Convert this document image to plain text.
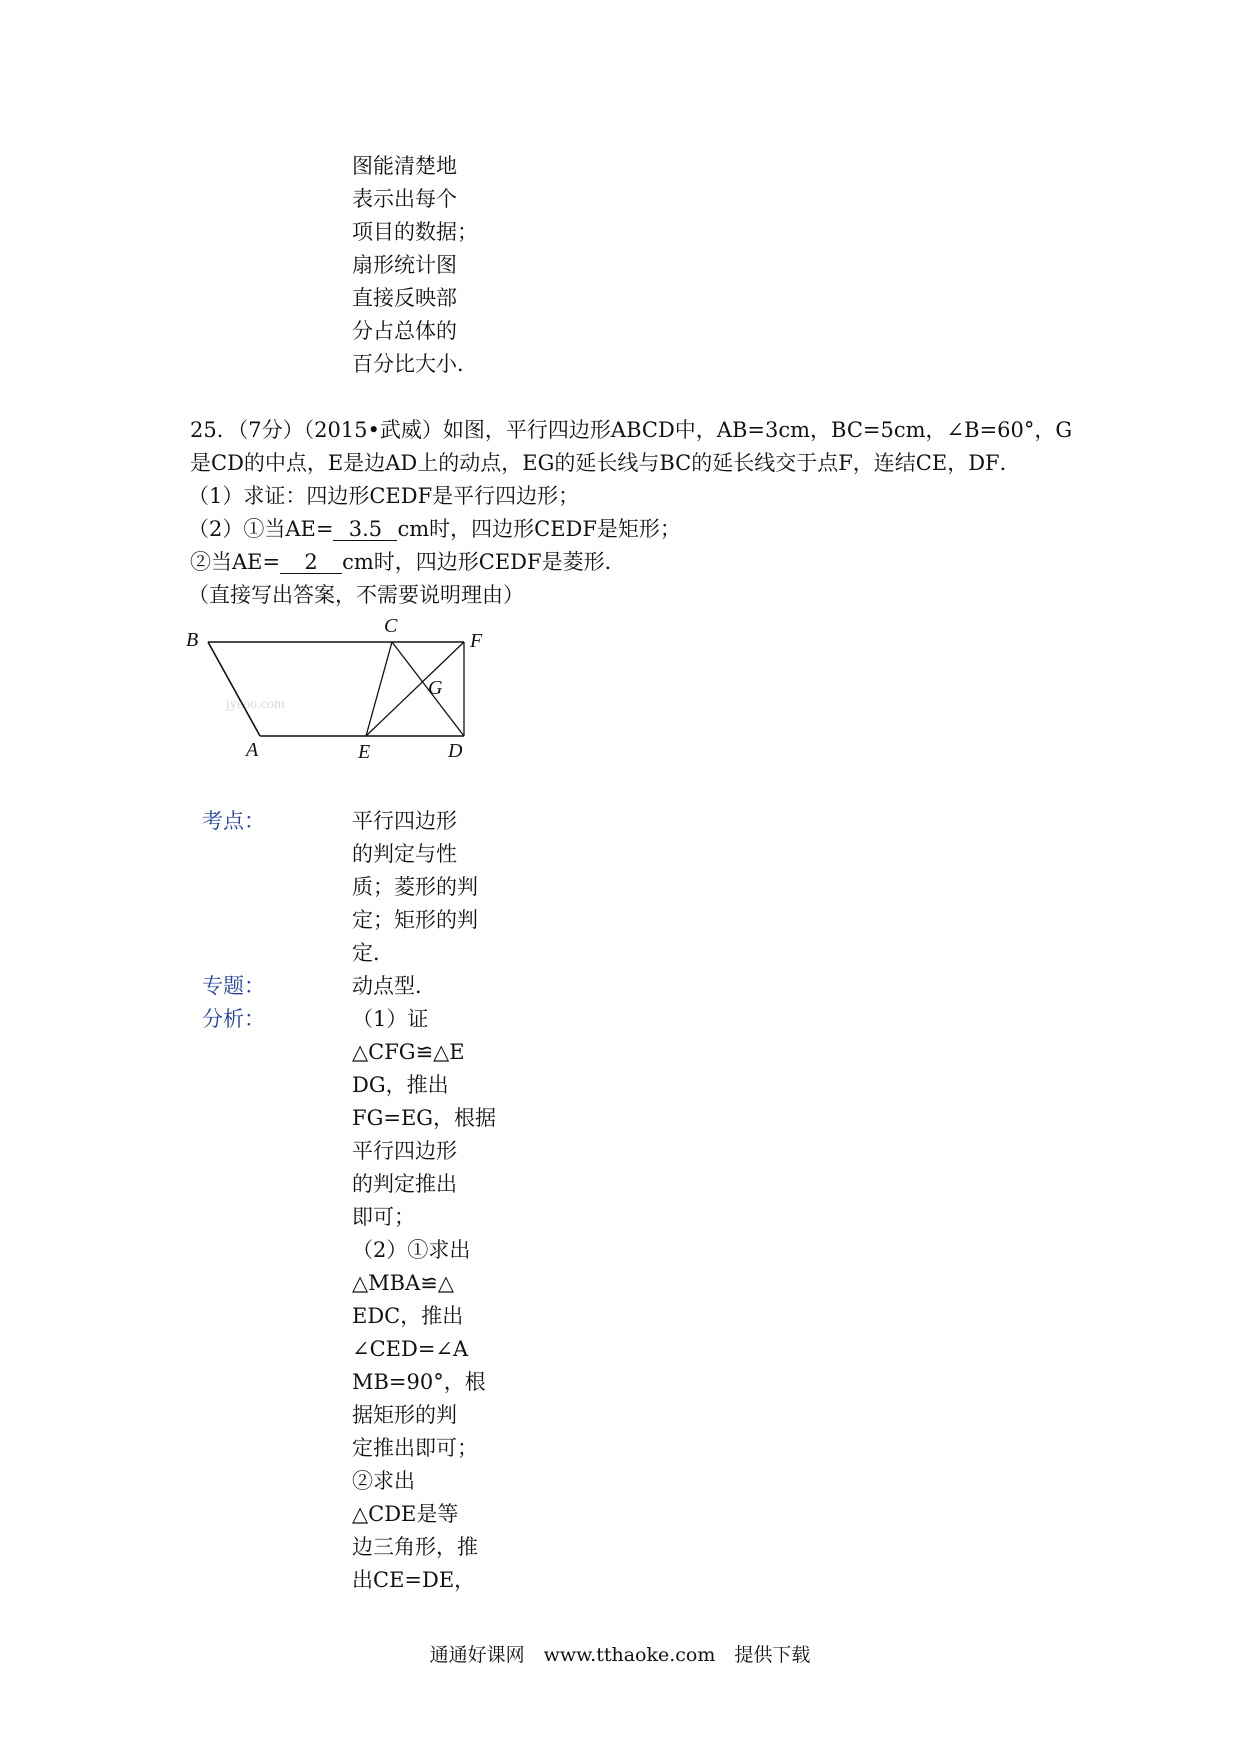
图能清楚地
表示出每个
项目的数据；
扇形统计图
直接反映部
分占总体的
百分比大小．
25．（7分）（2015•武威）如图，平行四边形ABCD中，AB=3cm，BC=5cm，∠B=60°，G
是CD的中点，E是边AD上的动点，EG的延长线与BC的延长线交于点F，连结CE，DF．
（1）求证：四边形CEDF是平行四边形；
（2）①当AE= 3.5 cm时，四边形CEDF是矩形；
②当AE= 2 cm时，四边形CEDF是菱形．
（直接写出答案，不需要说明理由）
jyeoo.com
B
C
F
G
A	E	D
考点：	平行四边形
的判定与性
质；菱形的判
定；矩形的判
定．
专题：	动点型．
分析：	（1）证
△CFG≌△E
DG，推出
FG=EG，根据
平行四边形
的判定推出
即可；
（2）①求出
△MBA≌△
EDC，推出
∠CED=∠A
MB=90°，根
据矩形的判
定推出即可；
②求出
△CDE是等
边三角形，推
出CE=DE，
通通好课网　www.tthaoke.com　提供下载
